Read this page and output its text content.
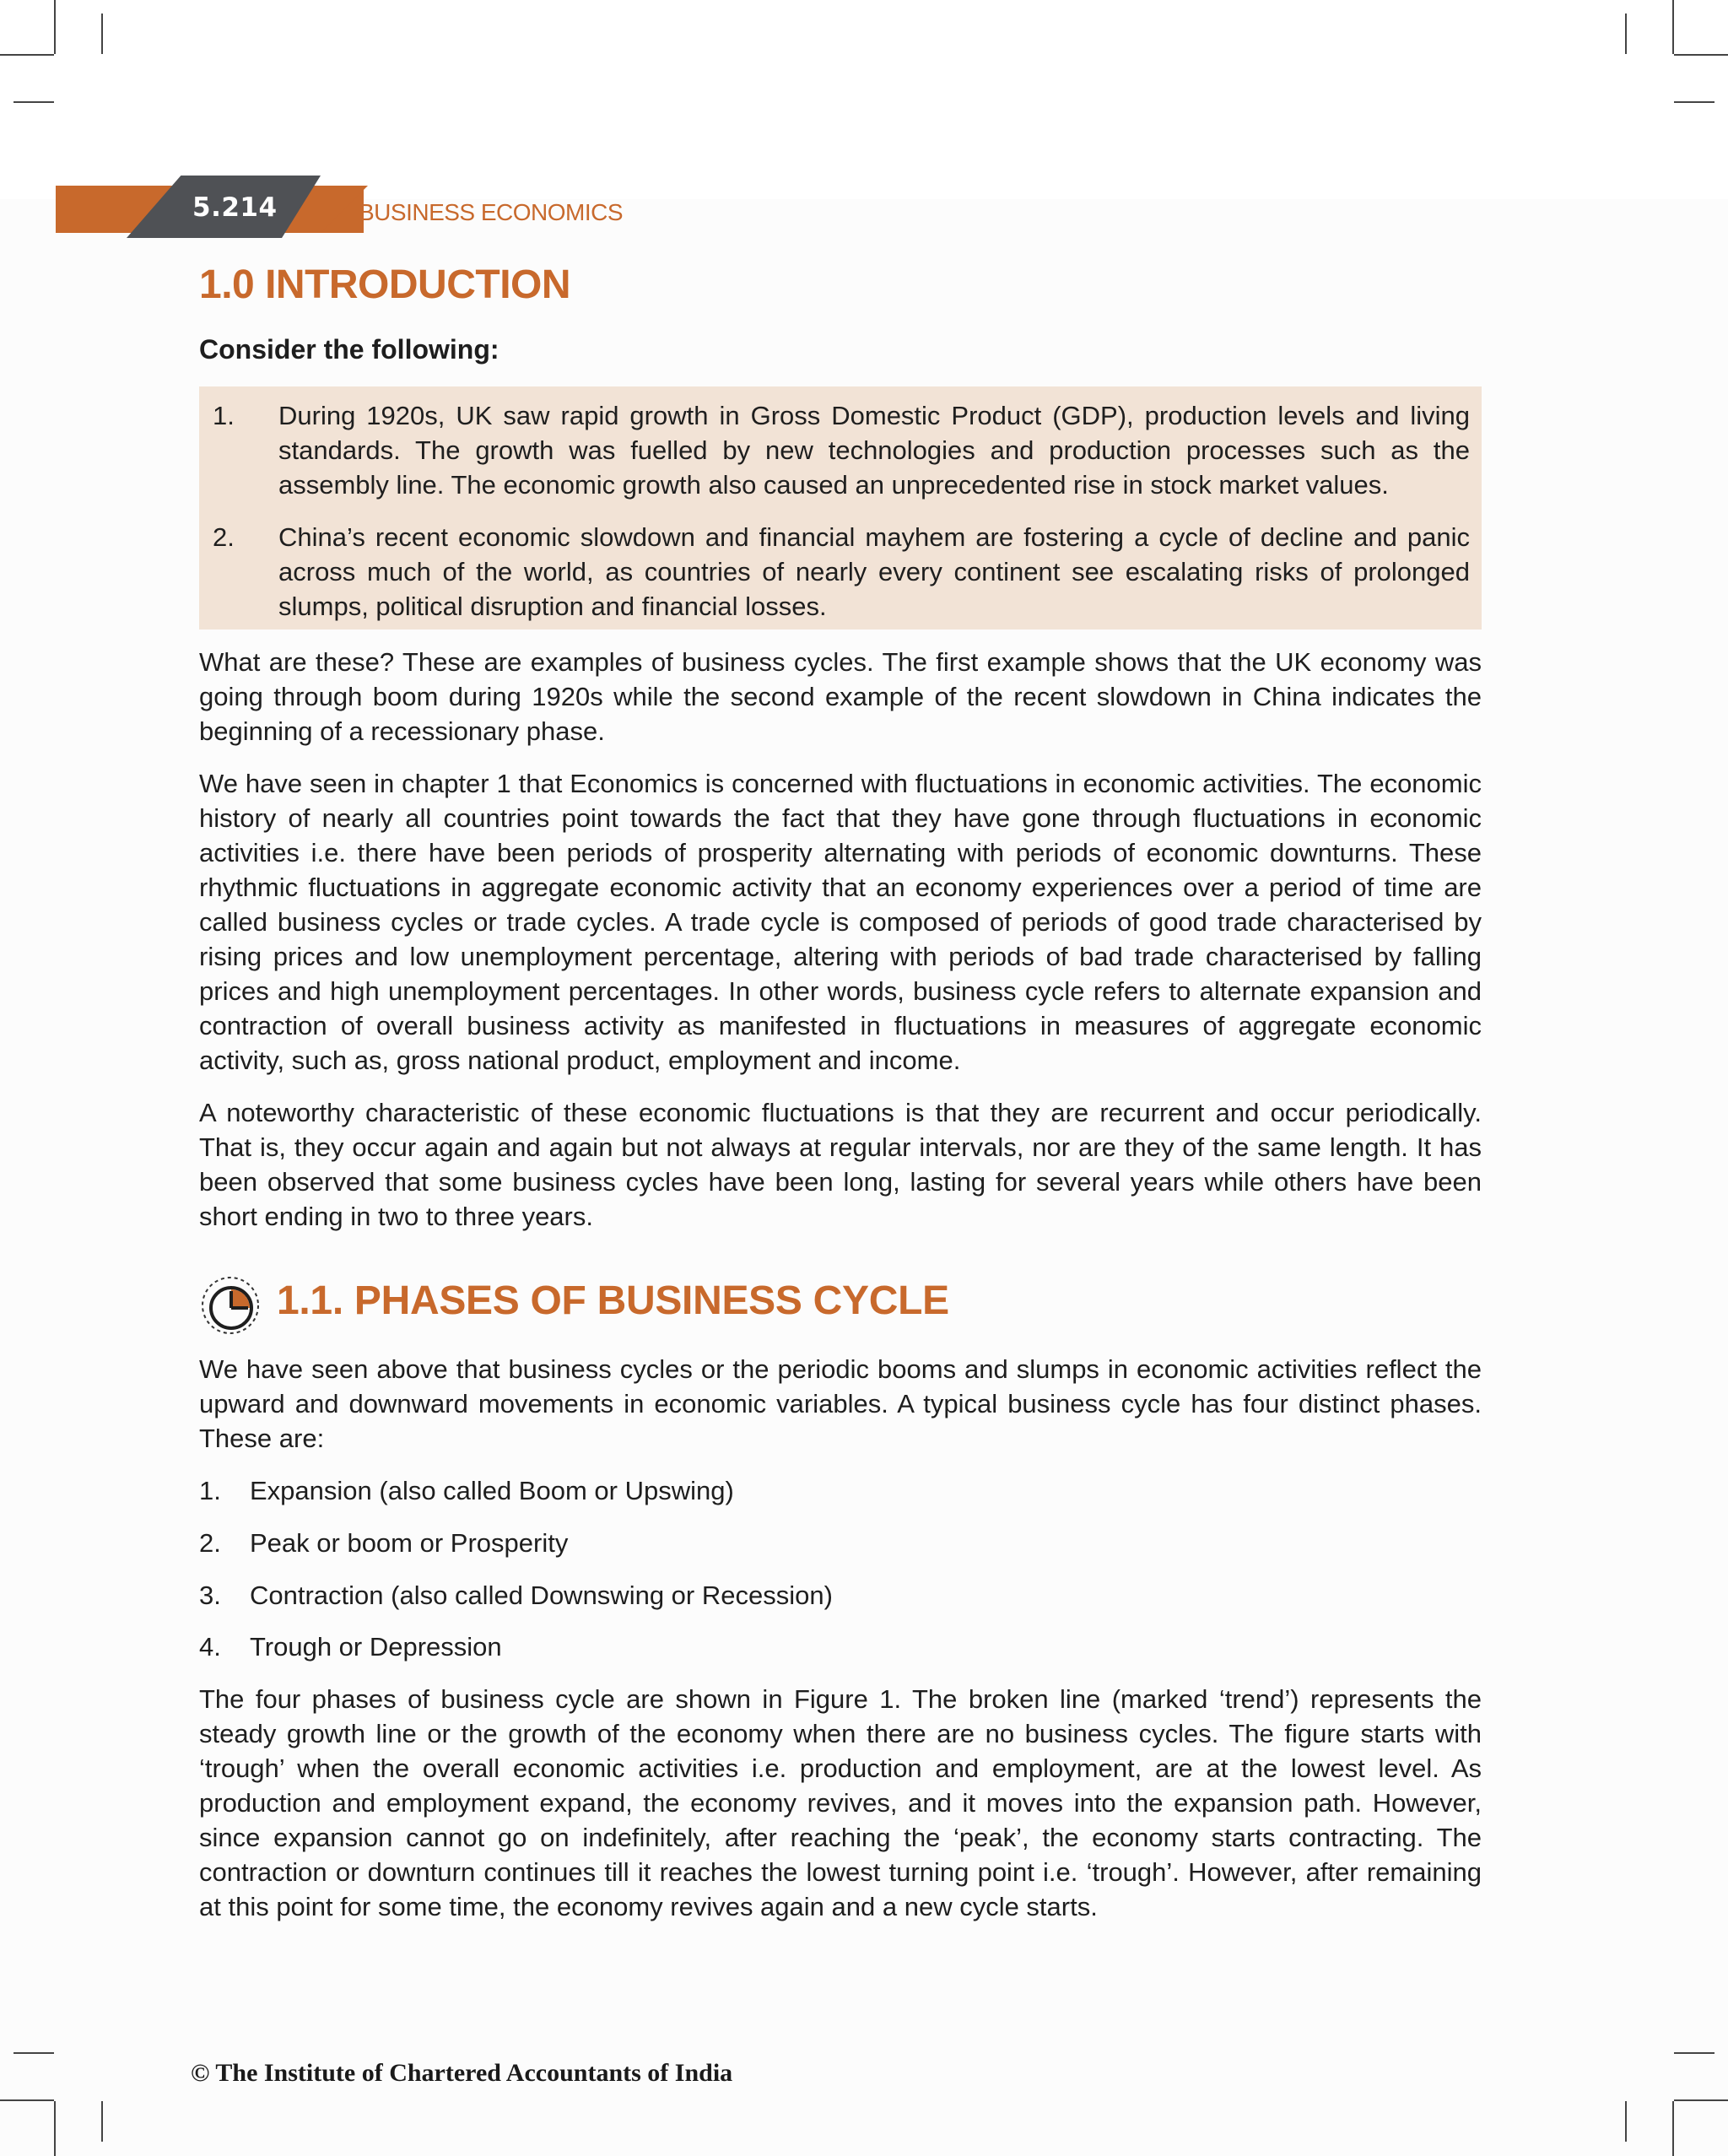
5.214	BUSINESS ECONOMICS
1.0 INTRODUCTION
Consider the following:
1. During 1920s, UK saw rapid growth in Gross Domestic Product (GDP), production levels and living standards. The growth was fuelled by new technologies and production processes such as the assembly line. The economic growth also caused an unprecedented rise in stock market values.
2. China’s recent economic slowdown and financial mayhem are fostering a cycle of decline and panic across much of the world, as countries of nearly every continent see escalating risks of prolonged slumps, political disruption and financial losses.
What are these? These are examples of business cycles. The first example shows that the UK economy was going through boom during 1920s while the second example of the recent slowdown in China indicates the beginning of a recessionary phase.
We have seen in chapter 1 that Economics is concerned with fluctuations in economic activities. The economic history of nearly all countries point towards the fact that they have gone through fluctuations in economic activities i.e. there have been periods of prosperity alternating with periods of economic downturns. These rhythmic fluctuations in aggregate economic activity that an economy experiences over a period of time are called business cycles or trade cycles. A trade cycle is composed of periods of good trade characterised by rising prices and low unemployment percentage, altering with periods of bad trade characterised by falling prices and high unemployment percentages. In other words, business cycle refers to alternate expansion and contraction of overall business activity as manifested in fluctuations in measures of aggregate economic activity, such as, gross national product, employment and income.
A noteworthy characteristic of these economic fluctuations is that they are recurrent and occur periodically. That is, they occur again and again but not always at regular intervals, nor are they of the same length. It has been observed that some business cycles have been long, lasting for several years while others have been short ending in two to three years.
1.1. PHASES OF BUSINESS CYCLE
We have seen above that business cycles or the periodic booms and slumps in economic activities reflect the upward and downward movements in economic variables. A typical business cycle has four distinct phases. These are:
1. Expansion (also called Boom or Upswing)
2. Peak or boom or Prosperity
3. Contraction (also called Downswing or Recession)
4. Trough or Depression
The four phases of business cycle are shown in Figure 1. The broken line (marked ‘trend’) represents the steady growth line or the growth of the economy when there are no business cycles. The figure starts with ‘trough’ when the overall economic activities i.e. production and employment, are at the lowest level. As production and employment expand, the economy revives, and it moves into the expansion path. However, since expansion cannot go on indefinitely, after reaching the ‘peak’, the economy starts contracting. The contraction or downturn continues till it reaches the lowest turning point i.e. ‘trough’. However, after remaining at this point for some time, the economy revives again and a new cycle starts.
© The Institute of Chartered Accountants of India
